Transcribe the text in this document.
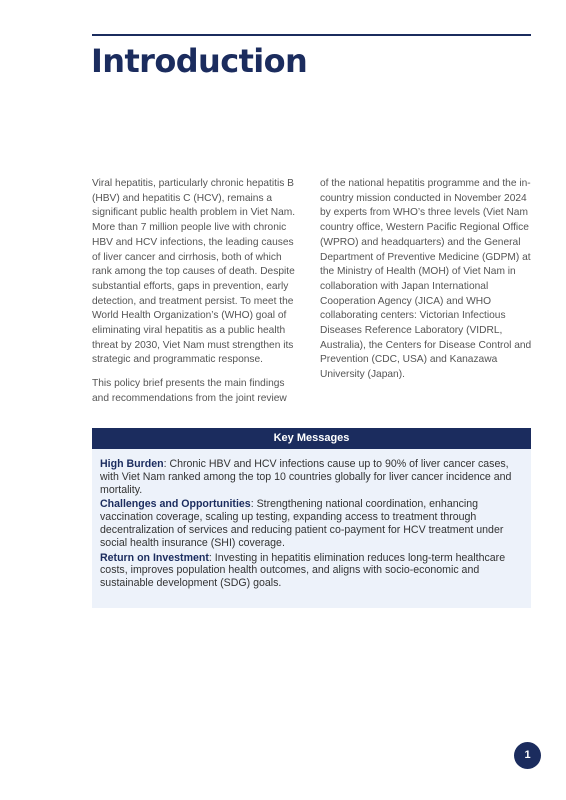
Introduction

Viral hepatitis, particularly chronic hepatitis B (HBV) and hepatitis C (HCV), remains a significant public health problem in Viet Nam. More than 7 million people live with chronic HBV and HCV infections, the leading causes of liver cancer and cirrhosis, both of which rank among the top causes of death. Despite substantial efforts, gaps in prevention, early detection, and treatment persist. To meet the World Health Organization’s (WHO) goal of eliminating viral hepatitis as a public health threat by 2030, Viet Nam must strengthen its strategic and programmatic response.

This policy brief presents the main findings and recommendations from the joint review

of the national hepatitis programme and the in-country mission conducted in November 2024 by experts from WHO’s three levels (Viet Nam country office, Western Pacific Regional Office (WPRO) and headquarters) and the General Department of Preventive Medicine (GDPM) at the Ministry of Health (MOH) of Viet Nam in collaboration with Japan International Cooperation Agency (JICA) and WHO collaborating centers: Victorian Infectious Diseases Reference Laboratory (VIDRL, Australia), the Centers for Disease Control and Prevention (CDC, USA) and Kanazawa University (Japan).

Key Messages

High Burden: Chronic HBV and HCV infections cause up to 90% of liver cancer cases, with Viet Nam ranked among the top 10 countries globally for liver cancer incidence and mortality.

Challenges and Opportunities: Strengthening national coordination, enhancing vaccination coverage, scaling up testing, expanding access to treatment through decentralization of services and reducing patient co-payment for HCV treatment under social health insurance (SHI) coverage.

Return on Investment: Investing in hepatitis elimination reduces long-term healthcare costs, improves population health outcomes, and aligns with socio-economic and sustainable development (SDG) goals.

1
